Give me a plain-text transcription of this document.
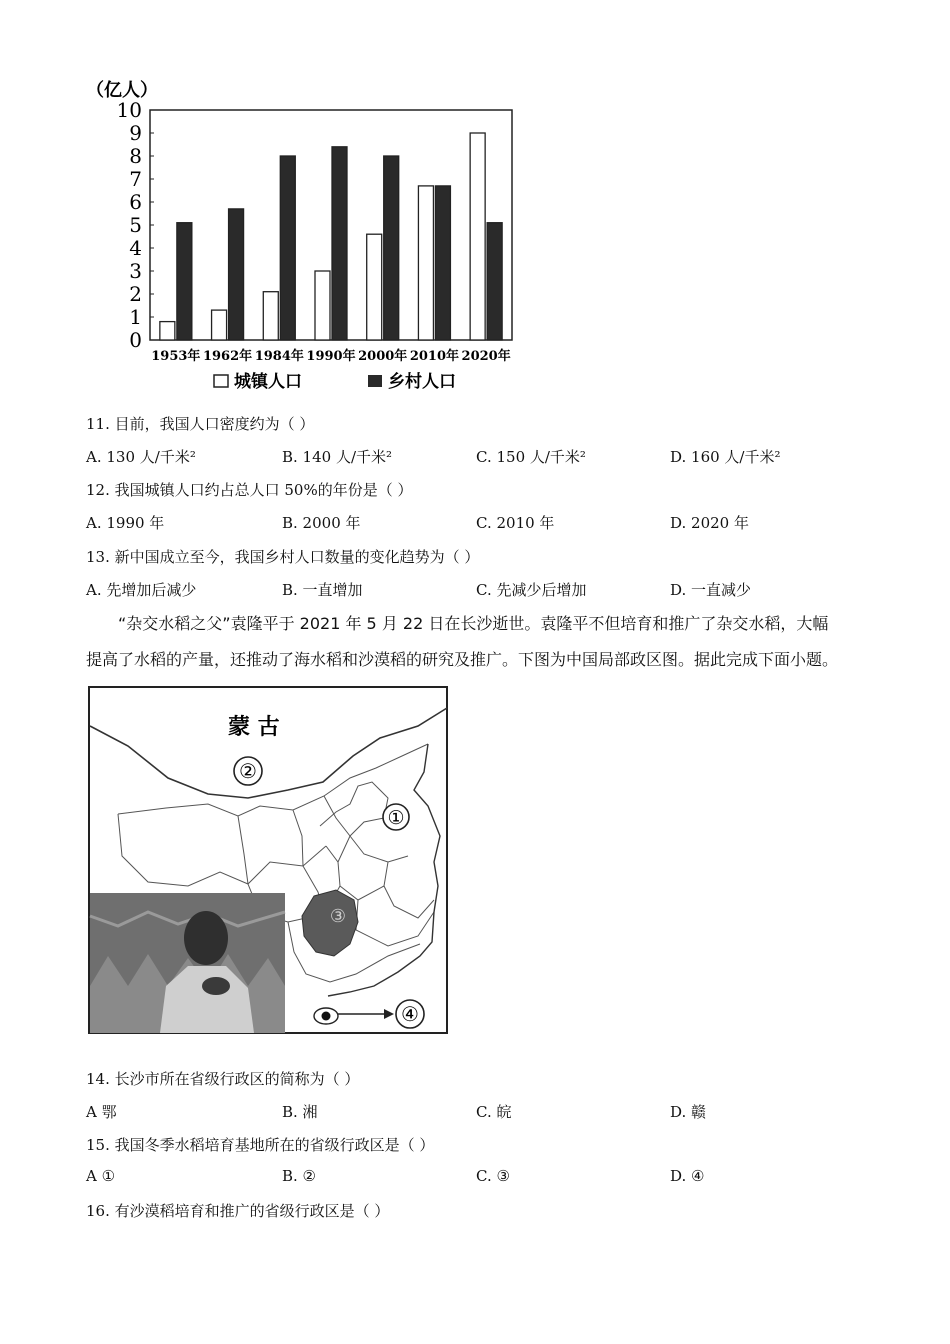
（亿人）
0
1
2
3
4
5
6
7
8
9
10
1953年 1962年 1984年 1990年 2000年 2010年 2020年
城镇人口	乡村人口
11. 目前，我国人口密度约为（ ）
A. 130 人/千米²	B. 140 人/千米²	C. 150 人/千米²	D. 160 人/千米²
12. 我国城镇人口约占总人口 50%的年份是（ ）
A. 1990 年	B. 2000 年	C. 2010 年	D. 2020 年
13. 新中国成立至今，我国乡村人口数量的变化趋势为（ ）
A. 先增加后减少	B. 一直增加	C. 先减少后增加	D. 一直减少

“杂交水稻之父”袁隆平于 2021 年 5 月 22 日在长沙逝世。袁隆平不但培育和推广了杂交水稻，大幅

提高了水稻的产量，还推动了海水稻和沙漠稻的研究及推广。下图为中国局部政区图。据此完成下面小题。

蒙 古
②
①
③
④
14. 长沙市所在省级行政区的简称为（ ）
A 鄂	B. 湘	C. 皖	D. 赣
15. 我国冬季水稻培育基地所在的省级行政区是（ ）
A ①	B. ②	C. ③	D. ④
16. 有沙漠稻培育和推广的省级行政区是（ ）
